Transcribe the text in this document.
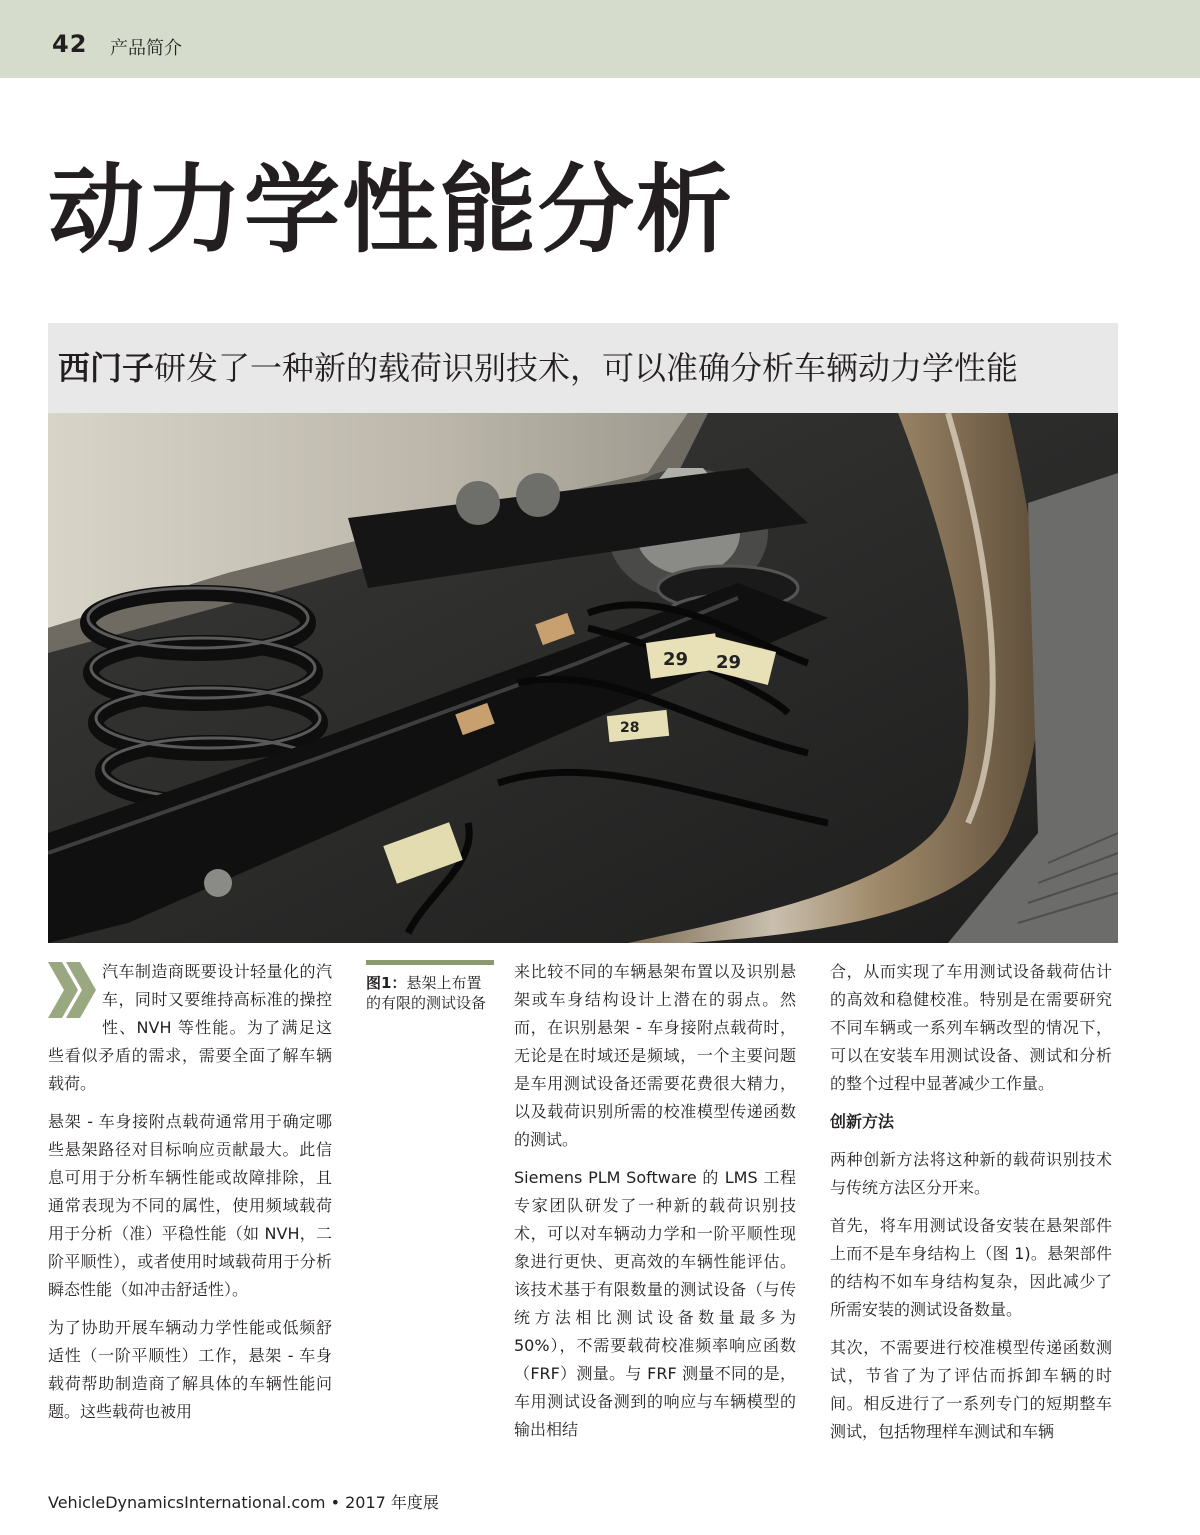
42 产品简介
动力学性能分析
西门子研发了一种新的载荷识别技术，可以准确分析车辆动力学性能
29 29
28

汽车制造商既要设计轻量化的汽车，同时又要维持高标准的操控性、NVH 等性能。为了满足这些看似矛盾的需求，需要全面了解车辆载荷。

悬架 - 车身接附点载荷通常用于确定哪些悬架路径对目标响应贡献最大。此信息可用于分析车辆性能或故障排除，且通常表现为不同的属性，使用频域载荷用于分析（准）平稳性能（如 NVH，二阶平顺性），或者使用时域载荷用于分析瞬态性能（如冲击舒适性）。

为了协助开展车辆动力学性能或低频舒适性（一阶平顺性）工作，悬架 - 车身载荷帮助制造商了解具体的车辆性能问题。这些载荷也被用

图1：悬架上布置的有限的测试设备

来比较不同的车辆悬架布置以及识别悬架或车身结构设计上潜在的弱点。然而，在识别悬架 - 车身接附点载荷时，无论是在时域还是频域，一个主要问题是车用测试设备还需要花费很大精力，以及载荷识别所需的校准模型传递函数的测试。

Siemens PLM Software 的 LMS 工程专家团队研发了一种新的载荷识别技术，可以对车辆动力学和一阶平顺性现象进行更快、更高效的车辆性能评估。该技术基于有限数量的测试设备（与传统方法相比测试设备数量最多为 50%），不需要载荷校准频率响应函数（FRF）测量。与 FRF 测量不同的是，车用测试设备测到的响应与车辆模型的输出相结

合，从而实现了车用测试设备载荷估计的高效和稳健校准。特别是在需要研究不同车辆或一系列车辆改型的情况下，可以在安装车用测试设备、测试和分析的整个过程中显著减少工作量。

创新方法

两种创新方法将这种新的载荷识别技术与传统方法区分开来。

首先，将车用测试设备安装在悬架部件上而不是车身结构上（图 1)。悬架部件的结构不如车身结构复杂，因此减少了所需安装的测试设备数量。

其次，不需要进行校准模型传递函数测试，节省了为了评估而拆卸车辆的时间。相反进行了一系列专门的短期整车测试，包括物理样车测试和车辆

VehicleDynamicsInternational.com • 2017 年度展
